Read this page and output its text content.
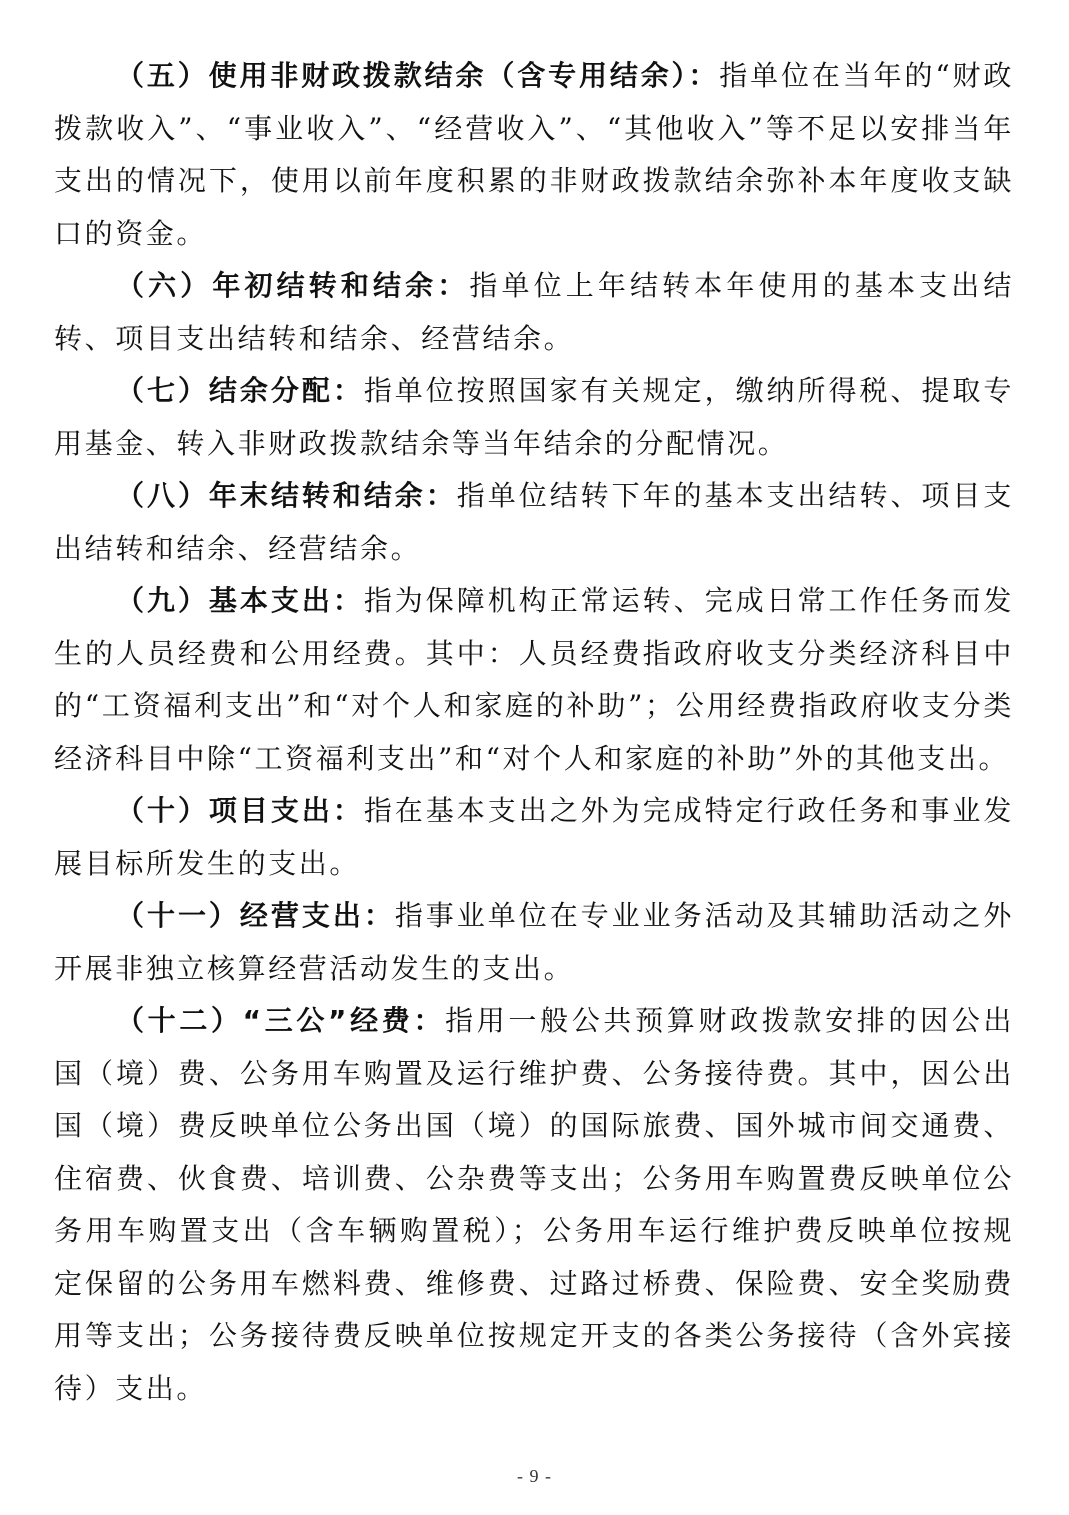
（五）使用非财政拨款结余（含专用结余）：指单位在当年的“财政拨款收入”、“事业收入”、“经营收入”、“其他收入”等不足以安排当年支出的情况下，使用以前年度积累的非财政拨款结余弥补本年度收支缺口的资金。

（六）年初结转和结余：指单位上年结转本年使用的基本支出结转、项目支出结转和结余、经营结余。

（七）结余分配：指单位按照国家有关规定，缴纳所得税、提取专用基金、转入非财政拨款结余等当年结余的分配情况。

（八）年末结转和结余：指单位结转下年的基本支出结转、项目支出结转和结余、经营结余。

（九）基本支出：指为保障机构正常运转、完成日常工作任务而发生的人员经费和公用经费。其中：人员经费指政府收支分类经济科目中的“工资福利支出”和“对个人和家庭的补助”；公用经费指政府收支分类经济科目中除“工资福利支出”和“对个人和家庭的补助”外的其他支出。

（十）项目支出：指在基本支出之外为完成特定行政任务和事业发展目标所发生的支出。

（十一）经营支出：指事业单位在专业业务活动及其辅助活动之外开展非独立核算经营活动发生的支出。

（十二）“三公”经费：指用一般公共预算财政拨款安排的因公出国（境）费、公务用车购置及运行维护费、公务接待费。其中，因公出国（境）费反映单位公务出国（境）的国际旅费、国外城市间交通费、住宿费、伙食费、培训费、公杂费等支出；公务用车购置费反映单位公务用车购置支出（含车辆购置税）；公务用车运行维护费反映单位按规定保留的公务用车燃料费、维修费、过路过桥费、保险费、安全奖励费用等支出；公务接待费反映单位按规定开支的各类公务接待（含外宾接待）支出。

- 9 -
